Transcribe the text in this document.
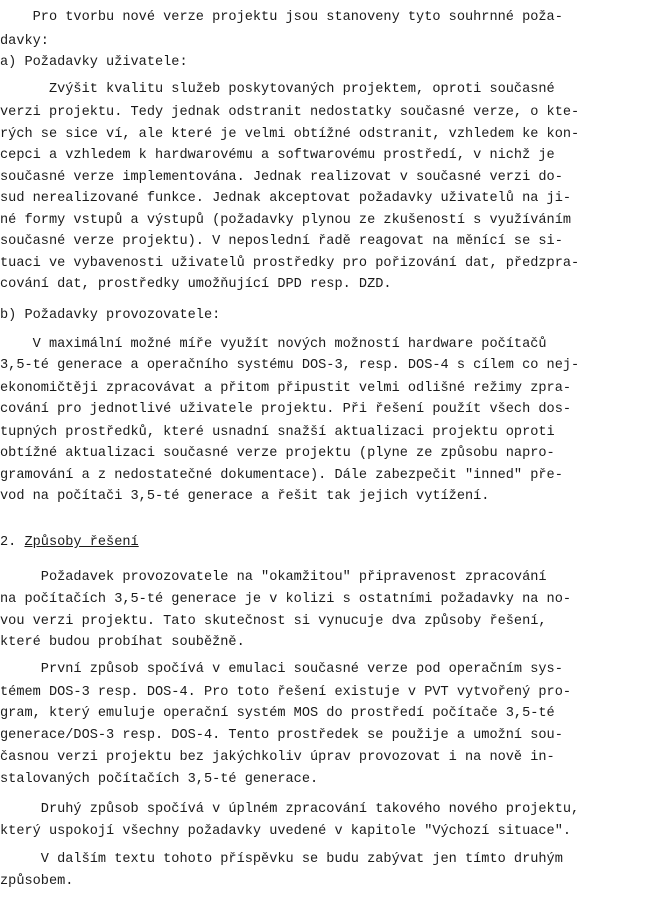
Pro tvorbu nové verze projektu jsou stanoveny tyto souhrnné poža-
davky:
a) Požadavky uživatele:
Zvýšit kvalitu služeb poskytovaných projektem, oproti současné
verzi projektu. Tedy jednak odstranit nedostatky současné verze, o kte-
rých se sice ví, ale které je velmi obtížné odstranit, vzhledem ke kon-
cepci a vzhledem k hardwarovému a softwarovému prostředí, v nichž je
současné verze implementována. Jednak realizovat v současné verzi do-
sud nerealizované funkce. Jednak akceptovat požadavky uživatelů na ji-
né formy vstupů a výstupů (požadavky plynou ze zkušeností s využíváním
současné verze projektu). V neposlední řadě reagovat na měnící se si-
tuaci ve vybavenosti uživatelů prostředky pro pořizování dat, předzpra-
cování dat, prostředky umožňující DPD resp. DZD.
b) Požadavky provozovatele:
V maximální možné míře využít nových možností hardware počítačů
3,5-té generace a operačního systému DOS-3, resp. DOS-4 s cílem co nej-
ekonomičtěji zpracovávat a přitom připustit velmi odlišné režimy zpra-
cování pro jednotlivé uživatele projektu. Při řešení použít všech dos-
tupných prostředků, které usnadní snažší aktualizaci projektu oproti
obtížné aktualizaci současné verze projektu (plyne ze způsobu napro-
gramování a z nedostatečné dokumentace). Dále zabezpečit "inned" pře-
vod na počítači 3,5-té generace a řešit tak jejich vytížení.
2. Způsoby řešení
Požadavek provozovatele na "okamžitou" připravenost zpracování
na počítačích 3,5-té generace je v kolizi s ostatními požadavky na no-
vou verzi projektu. Tato skutečnost si vynucuje dva způsoby řešení,
které budou probíhat souběžně.
První způsob spočívá v emulaci současné verze pod operačním sys-
témem DOS-3 resp. DOS-4. Pro toto řešení existuje v PVT vytvořený pro-
gram, který emuluje operační systém MOS do prostředí počítače 3,5-té
generace/DOS-3 resp. DOS-4. Tento prostředek se použije a umožní sou-
časnou verzi projektu bez jakýchkoliv úprav provozovat i na nově in-
stalovaných počítačích 3,5-té generace.
Druhý způsob spočívá v úplném zpracování takového nového projektu,
který uspokojí všechny požadavky uvedené v kapitole "Výchozí situace".
V dalším textu tohoto příspěvku se budu zabývat jen tímto druhým
způsobem.
